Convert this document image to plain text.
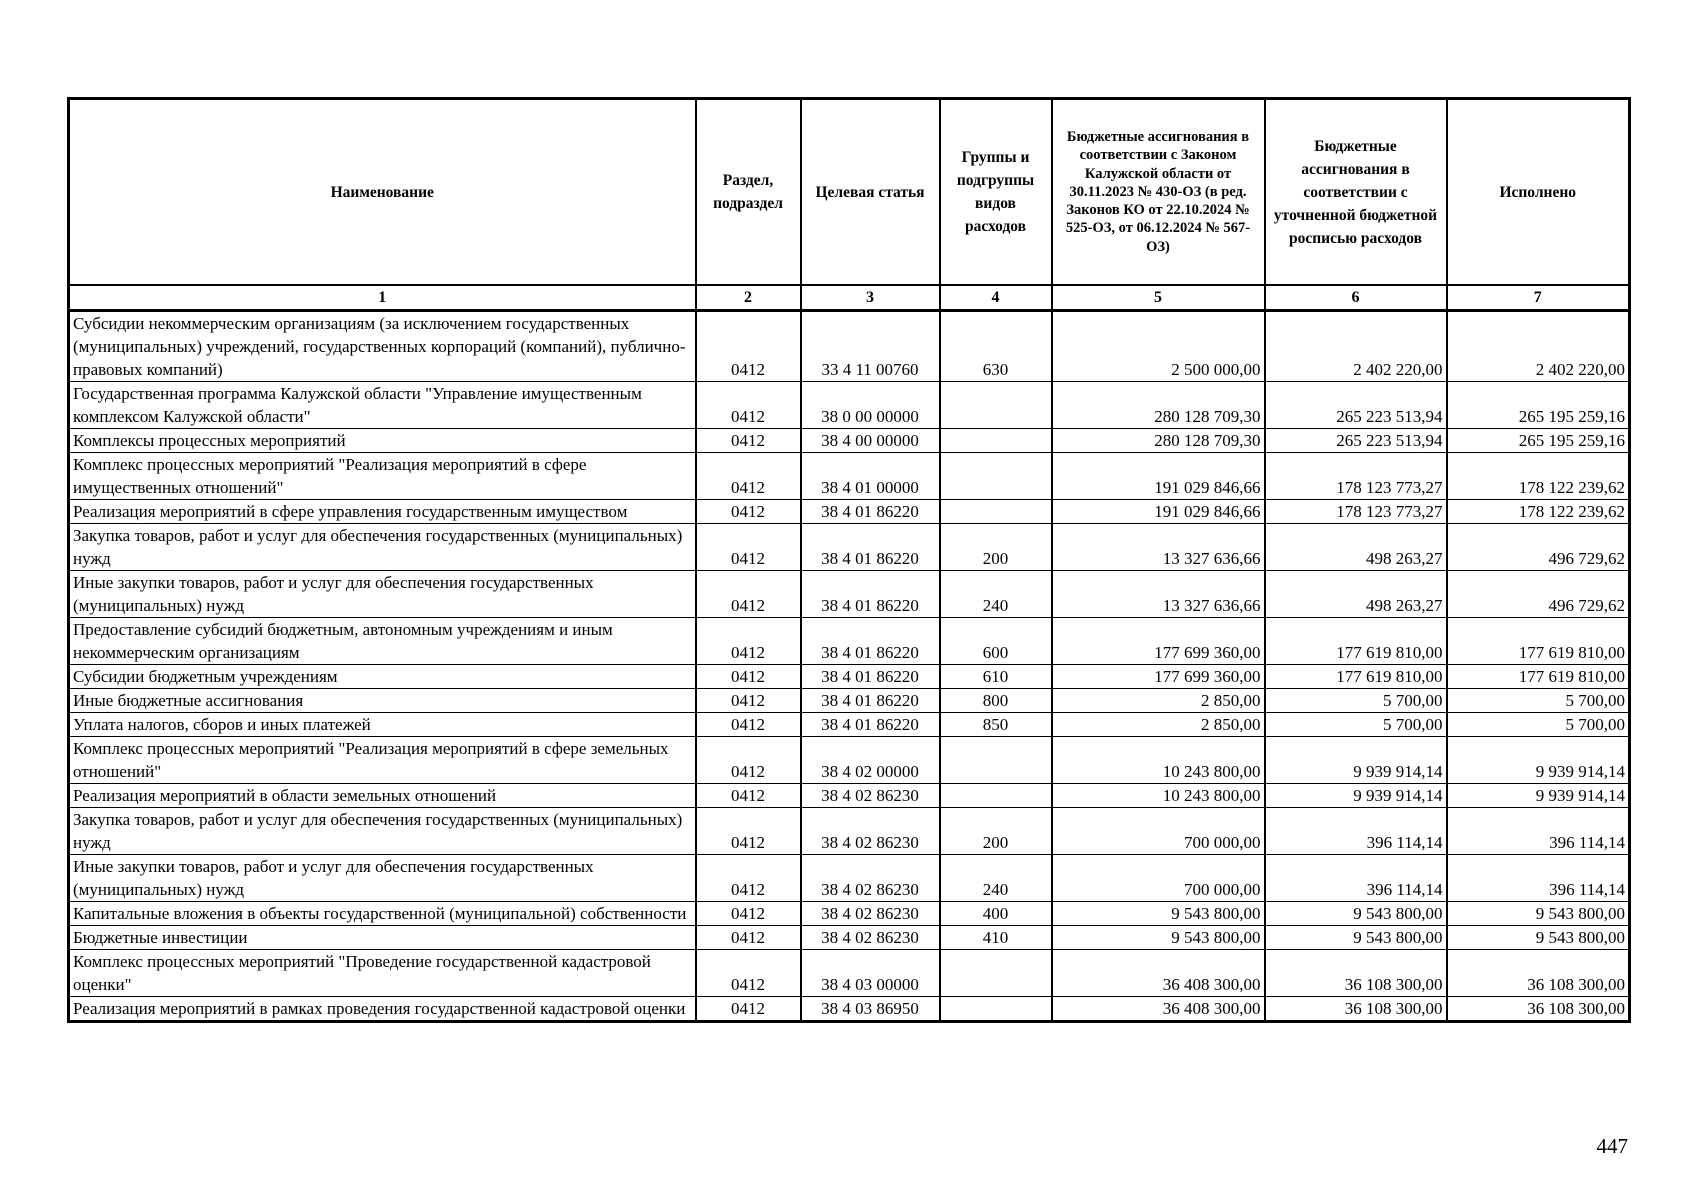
Наименование	Раздел, подраздел	Целевая статья	Группы и подгруппы видов расходов	Бюджетные ассигнования в соответствии с Законом Калужской области от 30.11.2023 № 430-ОЗ (в ред. Законов КО от 22.10.2024 № 525-ОЗ, от 06.12.2024 № 567-ОЗ)	Бюджетные ассигнования в соответствии с уточненной бюджетной росписью расходов	Исполнено
1	2	3	4	5	6	7
Субсидии некоммерческим организациям (за исключением государственных (муниципальных) учреждений, государственных корпораций (компаний), публично-правовых компаний)	0412	33 4 11 00760	630	2 500 000,00	2 402 220,00	2 402 220,00
Государственная программа Калужской области "Управление имущественным комплексом Калужской области"	0412	38 0 00 00000		280 128 709,30	265 223 513,94	265 195 259,16
Комплексы процессных мероприятий	0412	38 4 00 00000		280 128 709,30	265 223 513,94	265 195 259,16
Комплекс процессных мероприятий "Реализация мероприятий в сфере имущественных отношений"	0412	38 4 01 00000		191 029 846,66	178 123 773,27	178 122 239,62
Реализация мероприятий в сфере управления государственным имуществом	0412	38 4 01 86220		191 029 846,66	178 123 773,27	178 122 239,62
Закупка товаров, работ и услуг для обеспечения государственных (муниципальных) нужд	0412	38 4 01 86220	200	13 327 636,66	498 263,27	496 729,62
Иные закупки товаров, работ и услуг для обеспечения государственных (муниципальных) нужд	0412	38 4 01 86220	240	13 327 636,66	498 263,27	496 729,62
Предоставление субсидий бюджетным, автономным учреждениям и иным некоммерческим организациям	0412	38 4 01 86220	600	177 699 360,00	177 619 810,00	177 619 810,00
Субсидии бюджетным учреждениям	0412	38 4 01 86220	610	177 699 360,00	177 619 810,00	177 619 810,00
Иные бюджетные ассигнования	0412	38 4 01 86220	800	2 850,00	5 700,00	5 700,00
Уплата налогов, сборов и иных платежей	0412	38 4 01 86220	850	2 850,00	5 700,00	5 700,00
Комплекс процессных мероприятий "Реализация мероприятий в сфере земельных отношений"	0412	38 4 02 00000		10 243 800,00	9 939 914,14	9 939 914,14
Реализация мероприятий в области земельных отношений	0412	38 4 02 86230		10 243 800,00	9 939 914,14	9 939 914,14
Закупка товаров, работ и услуг для обеспечения государственных (муниципальных) нужд	0412	38 4 02 86230	200	700 000,00	396 114,14	396 114,14
Иные закупки товаров, работ и услуг для обеспечения государственных (муниципальных) нужд	0412	38 4 02 86230	240	700 000,00	396 114,14	396 114,14
Капитальные вложения в объекты государственной (муниципальной) собственности	0412	38 4 02 86230	400	9 543 800,00	9 543 800,00	9 543 800,00
Бюджетные инвестиции	0412	38 4 02 86230	410	9 543 800,00	9 543 800,00	9 543 800,00
Комплекс процессных мероприятий "Проведение государственной кадастровой оценки"	0412	38 4 03 00000		36 408 300,00	36 108 300,00	36 108 300,00
Реализация мероприятий в рамках проведения государственной кадастровой оценки	0412	38 4 03 86950		36 408 300,00	36 108 300,00	36 108 300,00
447
